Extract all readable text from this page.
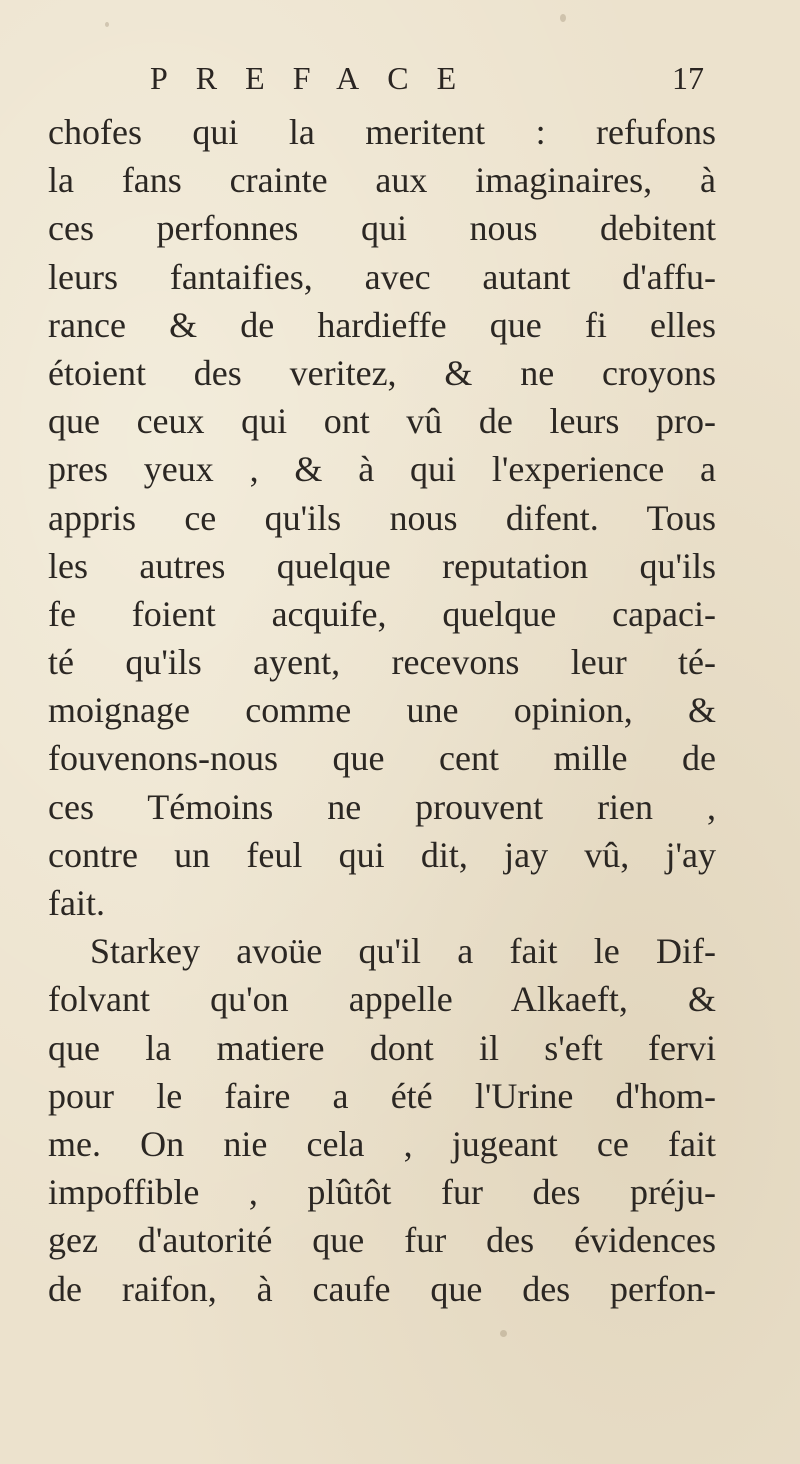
PREFACE	17
chofes qui la meritent : refufons
la fans crainte aux imaginaires, à
ces perfonnes qui nous debitent
leurs fantaifies, avec autant d'affu-
rance & de hardieffe que fi elles
étoient des veritez, & ne croyons
que ceux qui ont vû de leurs pro-
pres yeux , & à qui l'experience a
appris ce qu'ils nous difent. Tous
les autres quelque reputation qu'ils
fe foient acquife, quelque capaci-
té qu'ils ayent, recevons leur té-
moignage comme une opinion, &
fouvenons-nous que cent mille de
ces Témoins ne prouvent rien ,
contre un feul qui dit, jay vû, j'ay
fait.
Starkey avoüe qu'il a fait le Dif-
folvant qu'on appelle Alkaeft, &
que la matiere dont il s'eft fervi
pour le faire a été l'Urine d'hom-
me. On nie cela , jugeant ce fait
impoffible , plûtôt fur des préju-
gez d'autorité que fur des évidences
de raifon, à caufe que des perfon-
